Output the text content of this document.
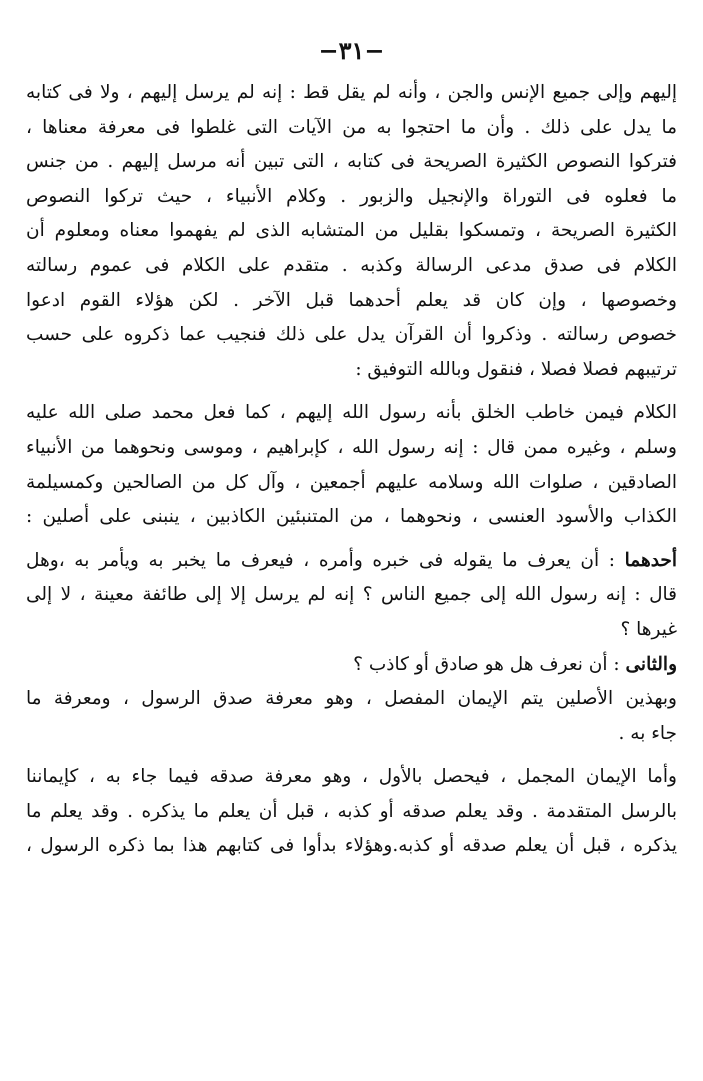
−٣١−
إليهم وإلى جميع الإنس والجن ، وأنه لم يقل قط : إنه لم يرسل إليهم ، ولا فى كتابه
ما يدل على ذلك . وأن ما احتجوا به من الآيات التى غلطوا فى معرفة معناها ،
فتركوا النصوص الكثيرة الصريحة فى كتابه ، التى تبين أنه مرسل إليهم . من جنس
ما فعلوه فى التوراة والإنجيل والزبور . وكلام الأنبياء ، حيث تركوا النصوص
الكثيرة الصريحة ، وتمسكوا بقليل من المتشابه الذى لم يفهموا معناه ومعلوم أن
الكلام فى صدق مدعى الرسالة وكذبه . متقدم على الكلام فى عموم رسالته
وخصوصها ، وإن كان قد يعلم أحدهما قبل الآخر . لكن هؤلاء القوم ادعوا
خصوص رسالته . وذكروا أن القرآن يدل على ذلك فنجيب عما ذكروه على حسب
ترتيبهم فصلا فصلا ، فنقول وبالله التوفيق :
الكلام فيمن خاطب الخلق بأنه رسول الله إليهم ، كما فعل محمد صلى الله عليه
وسلم ، وغيره ممن قال : إنه رسول الله ، كإبراهيم ، وموسى ونحوهما من الأنبياء
الصادقين ، صلوات الله وسلامه عليهم أجمعين ، وآل كل من الصالحين وكمسيلمة
الكذاب والأسود العنسى ، ونحوهما ، من المتنبئين الكاذبين ، ينبنى على أصلين :
أحدهما : أن يعرف ما يقوله فى خبره وأمره ، فيعرف ما يخبر به ويأمر به ،وهل
قال : إنه رسول الله إلى جميع الناس ؟ إنه لم يرسل إلا إلى طائفة معينة ، لا إلى
غيرها ؟
والثانى : أن نعرف هل هو صادق أو كاذب ؟
وبهذين الأصلين يتم الإيمان المفصل ، وهو معرفة صدق الرسول ، ومعرفة ما
جاء به .
وأما الإيمان المجمل ، فيحصل بالأول ، وهو معرفة صدقه فيما جاء به ، كإيماننا
بالرسل المتقدمة . وقد يعلم صدقه أو كذبه ، قبل أن يعلم ما يذكره . وقد يعلم ما
يذكره ، قبل أن يعلم صدقه أو كذبه.وهؤلاء بدأوا فى كتابهم هذا بما ذكره الرسول ،
